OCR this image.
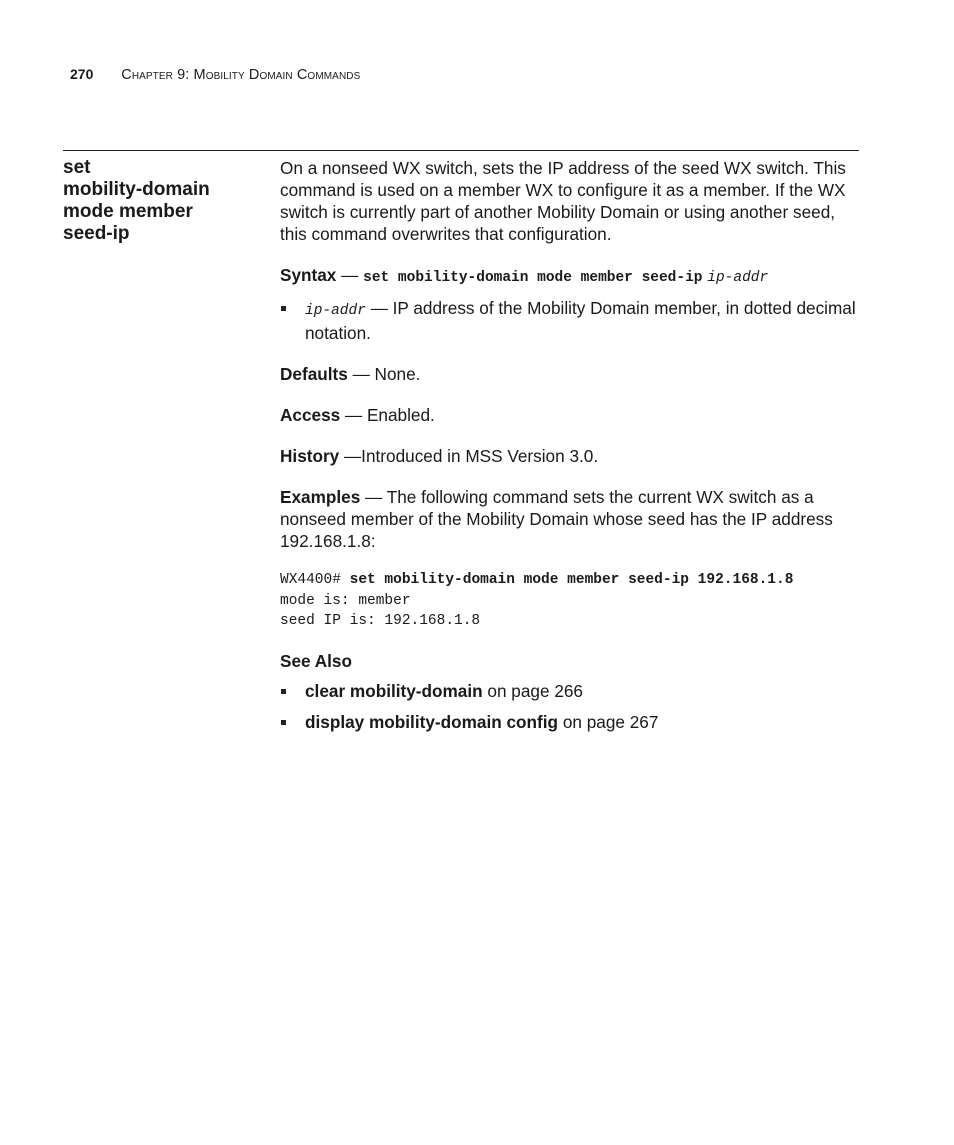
270 Chapter 9: Mobility Domain Commands
set
mobility-domain
mode member
seed-ip

On a nonseed WX switch, sets the IP address of the seed WX switch. This command is used on a member WX to configure it as a member. If the WX switch is currently part of another Mobility Domain or using another seed, this command overwrites that configuration.

Syntax — set mobility-domain mode member seed-ip ip-addr

ip-addr — IP address of the Mobility Domain member, in dotted decimal notation.

Defaults — None.

Access — Enabled.

History —Introduced in MSS Version 3.0.

Examples — The following command sets the current WX switch as a nonseed member of the Mobility Domain whose seed has the IP address 192.168.1.8:

WX4400# set mobility-domain mode member seed-ip 192.168.1.8
mode is: member
seed IP is: 192.168.1.8

See Also

clear mobility-domain on page 266
display mobility-domain config on page 267
